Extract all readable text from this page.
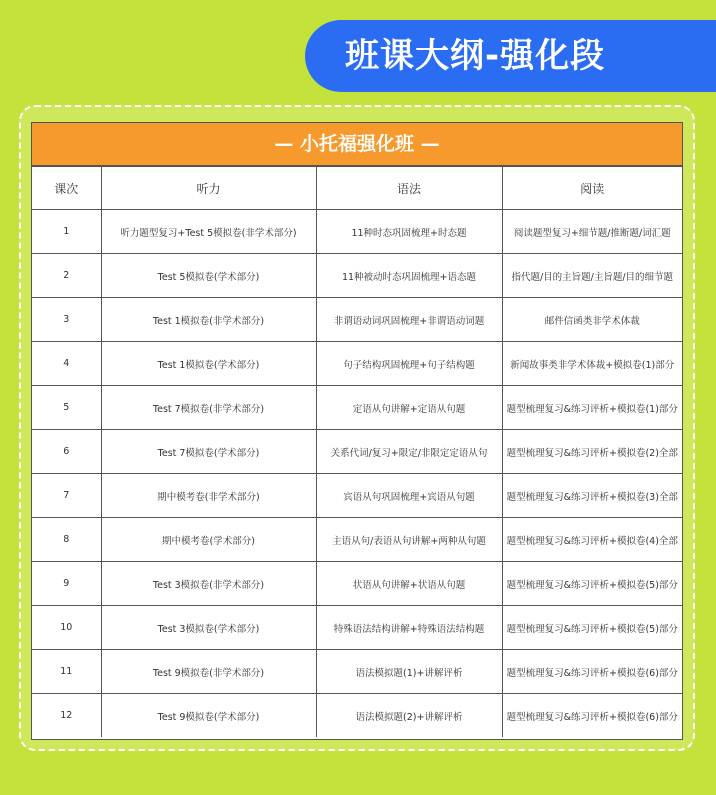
班课大纲-强化段
— 小托福强化班 —
课次	听力	语法	阅读
1	听力题型复习+Test 5模拟卷(非学术部分)	11种时态巩固梳理+时态题	阅读题型复习+细节题/推断题/词汇题
2	Test 5模拟卷(学术部分)	11种被动时态巩固梳理+语态题	指代题/目的主旨题/主旨题/目的细节题
3	Test 1模拟卷(非学术部分)	非谓语动词巩固梳理+非谓语动词题	邮件信函类非学术体裁
4	Test 1模拟卷(学术部分)	句子结构巩固梳理+句子结构题	新闻故事类非学术体裁+模拟卷(1)部分
5	Test 7模拟卷(非学术部分)	定语从句讲解+定语从句题	题型梳理复习&练习评析+模拟卷(1)部分
6	Test 7模拟卷(学术部分)	关系代词/复习+限定/非限定定语从句	题型梳理复习&练习评析+模拟卷(2)全部
7	期中模考卷(非学术部分)	宾语从句巩固梳理+宾语从句题	题型梳理复习&练习评析+模拟卷(3)全部
8	期中模考卷(学术部分)	主语从句/表语从句讲解+两种从句题	题型梳理复习&练习评析+模拟卷(4)全部
9	Test 3模拟卷(非学术部分)	状语从句讲解+状语从句题	题型梳理复习&练习评析+模拟卷(5)部分
10	Test 3模拟卷(学术部分)	特殊语法结构讲解+特殊语法结构题	题型梳理复习&练习评析+模拟卷(5)部分
11	Test 9模拟卷(非学术部分)	语法模拟题(1)+讲解评析	题型梳理复习&练习评析+模拟卷(6)部分
12	Test 9模拟卷(学术部分)	语法模拟题(2)+讲解评析	题型梳理复习&练习评析+模拟卷(6)部分
